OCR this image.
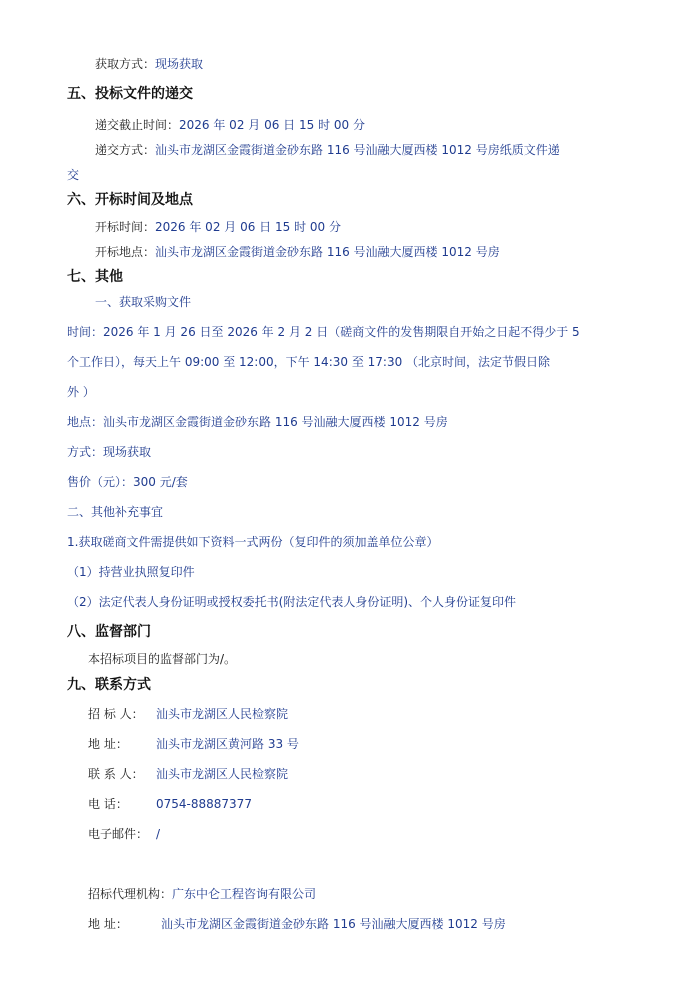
获取方式：现场获取
五、投标文件的递交
递交截止时间：2026 年 02 月 06 日 15 时 00 分
递交方式：汕头市龙湖区金霞街道金砂东路 116 号汕融大厦西楼 1012 号房纸质文件递
交
六、开标时间及地点
开标时间：2026 年 02 月 06 日 15 时 00 分
开标地点：汕头市龙湖区金霞街道金砂东路 116 号汕融大厦西楼 1012 号房
七、其他
一、获取采购文件
时间：2026 年 1 月 26 日至 2026 年 2 月 2 日（磋商文件的发售期限自开始之日起不得少于 5
个工作日），每天上午 09:00 至 12:00，下午 14:30 至 17:30 （北京时间，法定节假日除
外 ）
地点：汕头市龙湖区金霞街道金砂东路 116 号汕融大厦西楼 1012 号房
方式：现场获取
售价（元）：300 元/套
二、其他补充事宜
1.获取磋商文件需提供如下资料一式两份（复印件的须加盖单位公章）
（1）持营业执照复印件
（2）法定代表人身份证明或授权委托书(附法定代表人身份证明)、个人身份证复印件
八、监督部门
本招标项目的监督部门为/。
九、联系方式
招 标 人： 汕头市龙湖区人民检察院
地 址： 汕头市龙湖区黄河路 33 号
联 系 人： 汕头市龙湖区人民检察院
电 话： 0754-88887377
电子邮件： /
招标代理机构：广东中仑工程咨询有限公司
地 址：	汕头市龙湖区金霞街道金砂东路 116 号汕融大厦西楼 1012 号房
